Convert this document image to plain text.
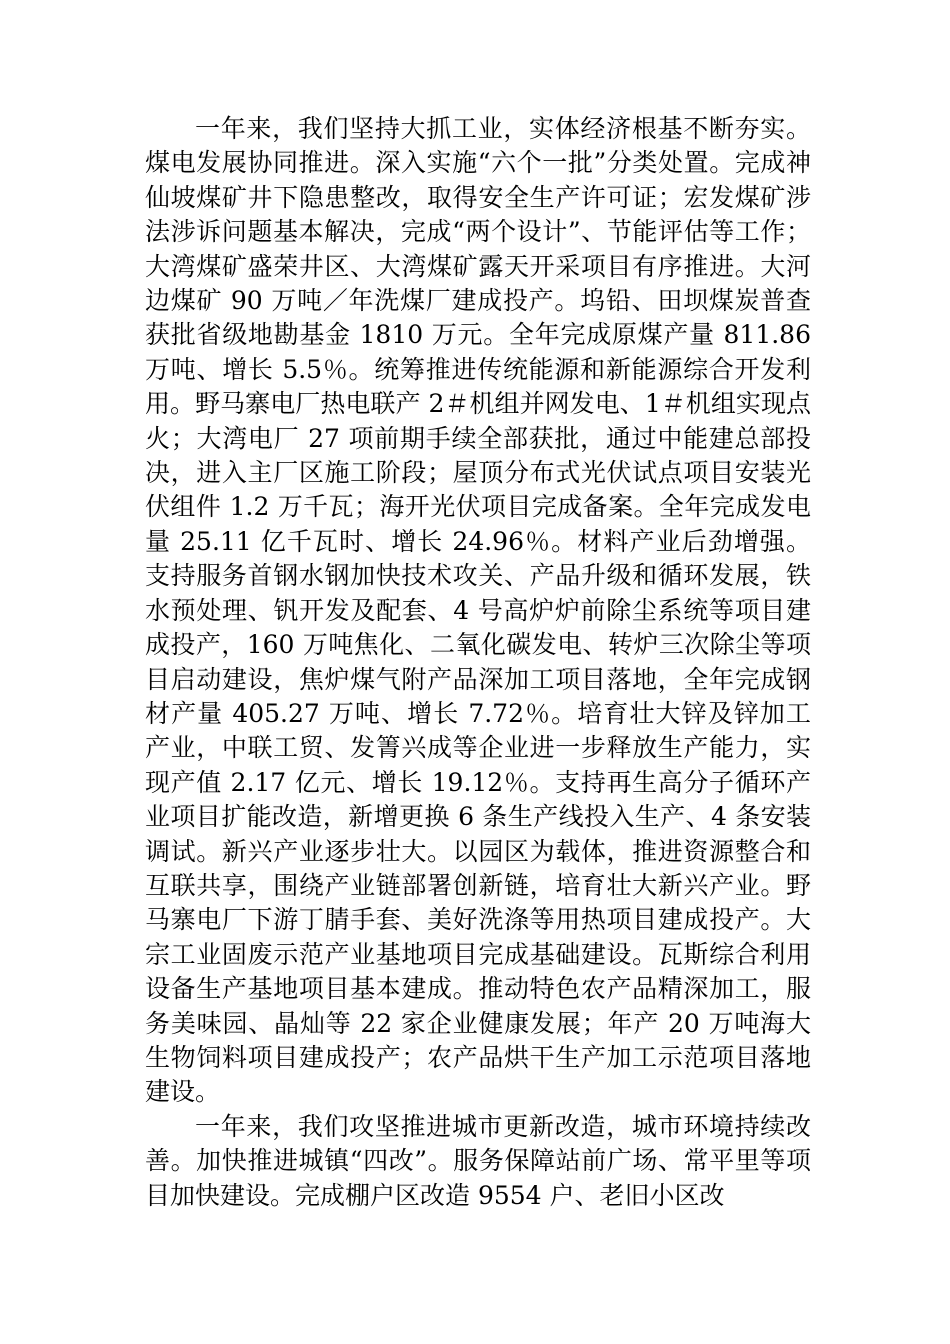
一年来，我们坚持大抓工业，实体经济根基不断夯实。煤电发展协同推进。深入实施“六个一批”分类处置。完成神仙坡煤矿井下隐患整改，取得安全生产许可证；宏发煤矿涉法涉诉问题基本解决，完成“两个设计”、节能评估等工作；大湾煤矿盛荣井区、大湾煤矿露天开采项目有序推进。大河边煤矿 90 万吨／年洗煤厂建成投产。坞铅、田坝煤炭普查获批省级地勘基金 1810 万元。全年完成原煤产量 811.86 万吨、增长 5.5％。统筹推进传统能源和新能源综合开发利用。野马寨电厂热电联产 2＃机组并网发电、1＃机组实现点火；大湾电厂 27 项前期手续全部获批，通过中能建总部投决，进入主厂区施工阶段；屋顶分布式光伏试点项目安装光伏组件 1.2 万千瓦；海开光伏项目完成备案。全年完成发电量 25.11 亿千瓦时、增长 24.96％。材料产业后劲增强。支持服务首钢水钢加快技术攻关、产品升级和循环发展，铁水预处理、钒开发及配套、4 号高炉炉前除尘系统等项目建成投产，160 万吨焦化、二氧化碳发电、转炉三次除尘等项目启动建设，焦炉煤气附产品深加工项目落地，全年完成钢材产量 405.27 万吨、增长 7.72％。培育壮大锌及锌加工产业，中联工贸、发箐兴成等企业进一步释放生产能力，实现产值 2.17 亿元、增长 19.12％。支持再生高分子循环产业项目扩能改造，新增更换 6 条生产线投入生产、4 条安装调试。新兴产业逐步壮大。以园区为载体，推进资源整合和互联共享，围绕产业链部署创新链，培育壮大新兴产业。野马寨电厂下游丁腈手套、美好洗涤等用热项目建成投产。大宗工业固废示范产业基地项目完成基础建设。瓦斯综合利用设备生产基地项目基本建成。推动特色农产品精深加工，服务美味园、晶灿等 22 家企业健康发展；年产 20 万吨海大生物饲料项目建成投产；农产品烘干生产加工示范项目落地建设。

一年来，我们攻坚推进城市更新改造，城市环境持续改善。加快推进城镇“四改”。服务保障站前广场、常平里等项目加快建设。完成棚户区改造 9554 户、老旧小区改
